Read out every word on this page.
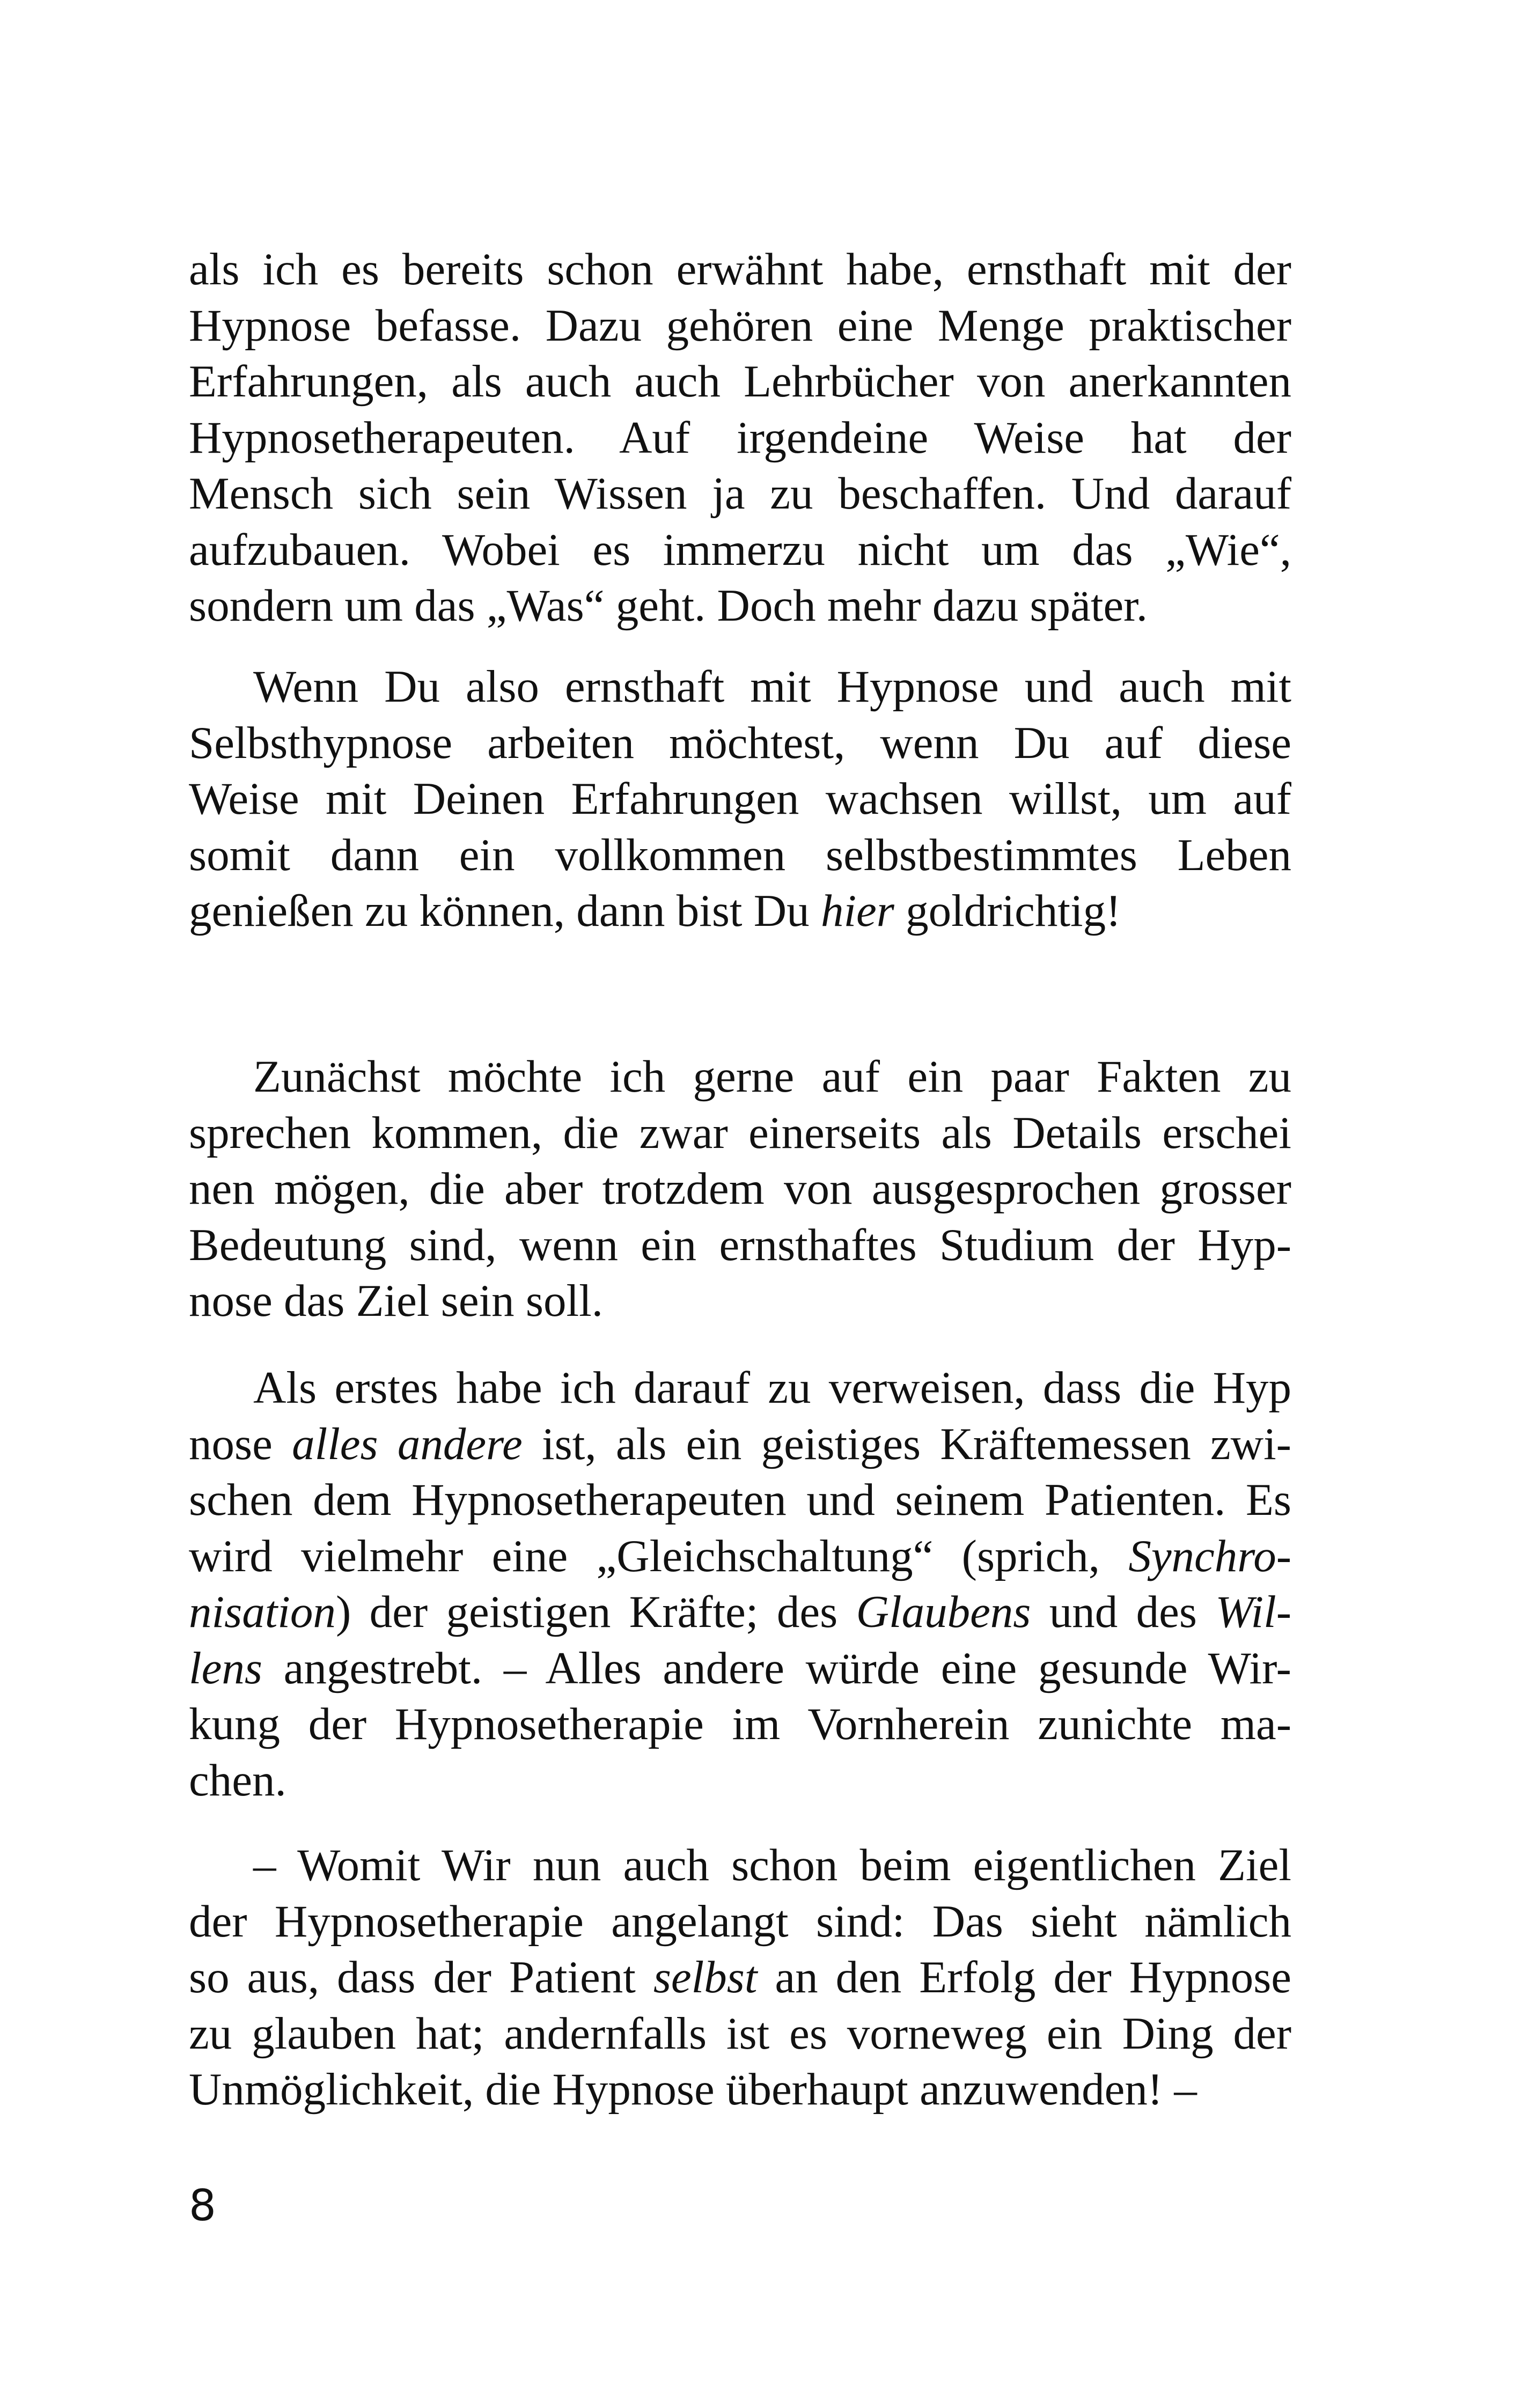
als ich es bereits schon erwähnt habe, ernsthaft mit der
Hypnose befasse. Dazu gehören eine Menge praktischer
Erfahrungen, als auch auch Lehrbücher von anerkannten
Hypnosetherapeuten. Auf irgendeine Weise hat der
Mensch sich sein Wissen ja zu beschaffen. Und darauf
aufzubauen. Wobei es immerzu nicht um das „Wie“,
sondern um das „Was“ geht. Doch mehr dazu später.
Wenn Du also ernsthaft mit Hypnose und auch mit
Selbsthypnose arbeiten möchtest, wenn Du auf diese
Weise mit Deinen Erfahrungen wachsen willst, um auf
somit dann ein vollkommen selbstbestimmtes Leben
genießen zu können, dann bist Du hier goldrichtig!
Zunächst möchte ich gerne auf ein paar Fakten zu
sprechen kommen, die zwar einerseits als Details erschei
nen mögen, die aber trotzdem von ausgesprochen grosser
Bedeutung sind, wenn ein ernsthaftes Studium der Hyp-
nose das Ziel sein soll.
Als erstes habe ich darauf zu verweisen, dass die Hyp
nose alles andere ist, als ein geistiges Kräftemessen zwi-
schen dem Hypnosetherapeuten und seinem Patienten. Es
wird vielmehr eine „Gleichschaltung“ (sprich, Synchro-
nisation) der geistigen Kräfte; des Glaubens und des Wil-
lens angestrebt. – Alles andere würde eine gesunde Wir-
kung der Hypnosetherapie im Vornherein zunichte ma-
chen.
– Womit Wir nun auch schon beim eigentlichen Ziel
der Hypnosetherapie angelangt sind: Das sieht nämlich
so aus, dass der Patient selbst an den Erfolg der Hypnose
zu glauben hat; andernfalls ist es vorneweg ein Ding der
Unmöglichkeit, die Hypnose überhaupt anzuwenden! –
8
